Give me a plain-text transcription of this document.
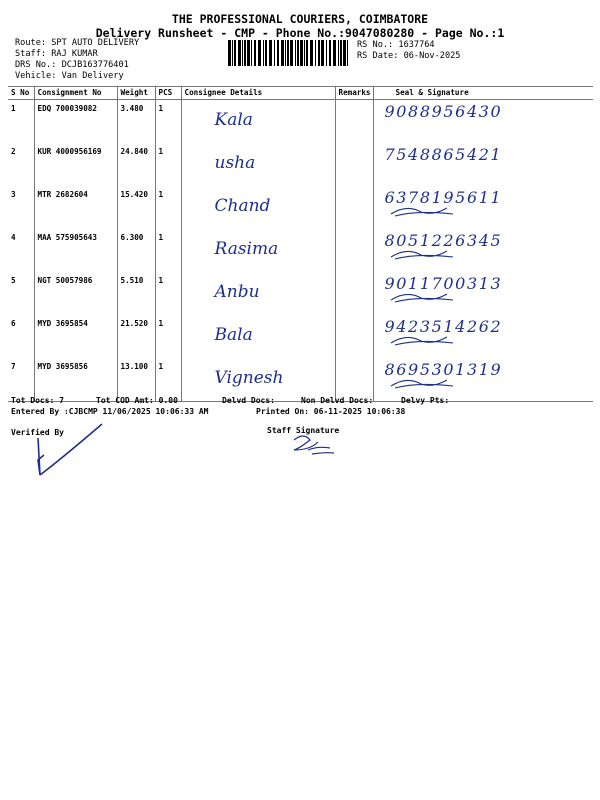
THE PROFESSIONAL COURIERS, COIMBATORE
Delivery Runsheet - CMP - Phone No.:9047080280 - Page No.:1
Route: SPT AUTO DELIVERY
Staff: RAJ KUMAR
DRS No.: DCJB163776401
Vehicle: Van Delivery
RS No.: 1637764
RS Date: 06-Nov-2025
S No	Consignment No	Weight	PCS	Consignee Details	Remarks	Seal & Signature
1	EDQ 700039082	3.480	1	Kala		9088956430

2	KUR 4000956169	24.840	1	usha		7548865421

3	MTR 2682604	15.420	1	Chand		6378195611

4	MAA 575905643	6.300	1	Rasima		8051226345

5	NGT 50057986	5.510	1	Anbu		9011700313

6	MYD 3695854	21.520	1	Bala		9423514262

7	MYD 3695856	13.100	1	Vignesh		8695301319
Tot Docs: 7	Tot COD Amt: 0.00	Delvd Docs:	Non Delvd Docs:	Delvy Pts:
Entered By :CJBCMP 11/06/2025 10:06:33 AM	Printed On: 06-11-2025 10:06:38
Verified By	Staff Signature
